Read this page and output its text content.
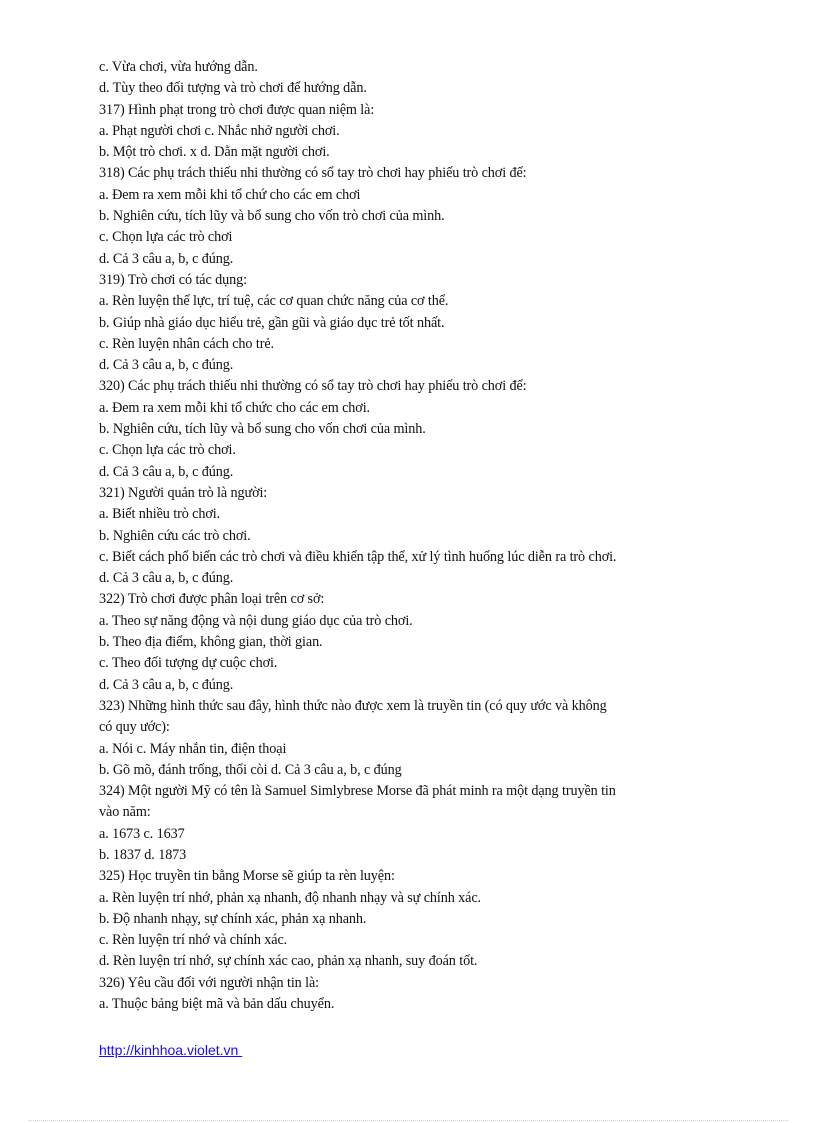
c. Vừa chơi, vừa hướng dẫn.
d. Tùy theo đối tượng và trò chơi để hướng dẫn.
317) Hình phạt trong trò chơi được quan niệm là:
a. Phạt người chơi c. Nhắc nhở người chơi.
b. Một trò chơi. x d. Dằn mặt người chơi.
318) Các phụ trách thiếu nhi thường có sổ tay trò chơi hay phiếu trò chơi để:
a. Đem ra xem mỗi khi tổ chứ cho các em chơi
b. Nghiên cứu, tích lũy và bổ sung cho vốn trò chơi của mình.
c. Chọn lựa các trò chơi
d. Cả 3 câu a, b, c đúng.
319) Trò chơi có tác dụng:
a. Rèn luyện thể lực, trí tuệ, các cơ quan chức năng của cơ thể.
b. Giúp nhà giáo dục hiểu trẻ, gần gũi và giáo dục trẻ tốt nhất.
c. Rèn luyện nhân cách cho trẻ.
d. Cả 3 câu a, b, c đúng.
320) Các phụ trách thiếu nhi thường có sổ tay trò chơi hay phiếu trò chơi để:
a. Đem ra xem mỗi khi tổ chức cho các em chơi.
b. Nghiên cứu, tích lũy và bổ sung cho vốn chơi của mình.
c. Chọn lựa các trò chơi.
d. Cả 3 câu a, b, c đúng.
321) Người quản trò là người:
a. Biết nhiều trò chơi.
b. Nghiên cứu các trò chơi.
c. Biết cách phổ biến các trò chơi và điều khiển tập thể, xử lý tình huống lúc diễn ra trò chơi.
d. Cả 3 câu a, b, c đúng.
322) Trò chơi được phân loại trên cơ sở:
a. Theo sự năng động và nội dung giáo dục của trò chơi.
b. Theo địa điểm, không gian, thời gian.
c. Theo đối tượng dự cuộc chơi.
d. Cả 3 câu a, b, c đúng.
323) Những hình thức sau đây, hình thức nào được xem là truyền tin (có quy ước và không
có quy ước):
a. Nói c. Máy nhắn tin, điện thoại
b. Gõ mõ, đánh trống, thổi còi d. Cả 3 câu a, b, c đúng
324) Một người Mỹ có tên là Samuel Simlybrese Morse đã phát minh ra một dạng truyền tin
vào năm:
a. 1673 c. 1637
b. 1837 d. 1873
325) Học truyền tin bằng Morse sẽ giúp ta rèn luyện:
a. Rèn luyện trí nhớ, phản xạ nhanh, độ nhanh nhạy và sự chính xác.
b. Độ nhanh nhạy, sự chính xác, phản xạ nhanh.
c. Rèn luyện trí nhớ và chính xác.
d. Rèn luyện trí nhớ, sự chính xác cao, phản xạ nhanh, suy đoán tốt.
326) Yêu cầu đối với người nhận tin là:
a. Thuộc bảng biệt mã và bản dấu chuyển.
http://kinhhoa.violet.vn
